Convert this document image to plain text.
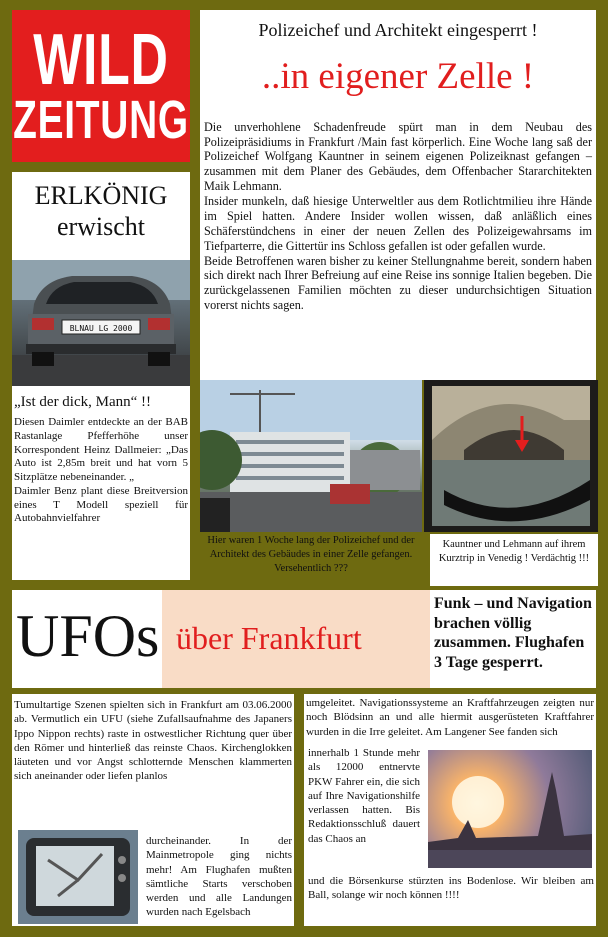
WILD
ZEITUNG
Polizeichef und Architekt eingesperrt !
..in eigener Zelle !
Die unverhohlene Schadenfreude spürt man in dem Neubau des Polizeipräsidiums in Frankfurt /Main fast körperlich. Eine Woche lang saß der Polizeichef Wolfgang Kauntner in seinem eigenen Polizeiknast gefangen – zusammen mit dem Planer des Gebäudes, dem Offenbacher Stararchitekten Maik Lehmann.
Insider munkeln, daß hiesige Unterweltler aus dem Rotlichtmilieu ihre Hände im Spiel hatten. Andere Insider wollen wissen, daß anläßlich eines Schäferstündchens in einer der neuen Zellen des Polizeigewahrsams im Tiefparterre, die Gittertür ins Schloss gefallen ist oder gefallen wurde.
Beide Betroffenen waren bisher zu keiner Stellungnahme bereit, sondern haben sich direkt nach Ihrer Befreiung auf eine Reise ins sonnige Italien begeben. Die zurückgelassenen Familien möchten zu dieser undurchsichtigen Situation vorerst nichts sagen.
ERLKÖNIG
erwischt
BLNAU LG 2000
„Ist der dick, Mann“ !!
Diesen Daimler entdeckte an der BAB Rastanlage Pfefferhöhe unser Korrespondent Heinz Dallmeier: „Das Auto ist 2,85m breit und hat vorn 5 Sitzplätze nebeneinander. „
Daimler Benz plant diese Breitversion eines T Modell speziell für Autobahnvielfahrer
Hier waren 1 Woche lang der Polizeichef und der Architekt des Gebäudes in einer Zelle gefangen. Versehentlich ???
Kauntner und Lehmann auf ihrem Kurztrip in Venedig ! Verdächtig !!!
UFOs über Frankfurt
Funk – und Navigation brachen völlig zusammen. Flughafen 3 Tage gesperrt.
Tumultartige Szenen spielten sich in Frankfurt am 03.06.2000 ab. Vermutlich ein UFU (siehe Zufallsaufnahme des Japaners Ippo Nippon rechts) raste in ostwestlicher Richtung quer über den Römer und hinterließ das reinste Chaos. Kirchenglokken läuteten und vor Angst schlotternde Menschen klammerten sich aneinander oder liefen planlos
durcheinander. In der Mainmetropole ging nichts mehr! Am Flughafen mußten sämtliche Starts verschoben werden und alle Landungen wurden nach Egelsbach
umgeleitet. Navigationssysteme an Kraftfahrzeugen zeigten nur noch Blödsinn an und alle hiermit ausgerüsteten Kraftfahrer wurden in die Irre geleitet. Am Langener See fanden sich
innerhalb 1 Stunde mehr als 12000 entnervte PKW Fahrer ein, die sich auf Ihre Navigationshilfe verlassen hatten. Bis Redaktionsschluß dauert das Chaos an
und die Börsenkurse stürzten ins Bodenlose. Wir bleiben am Ball, solange wir noch können !!!!
